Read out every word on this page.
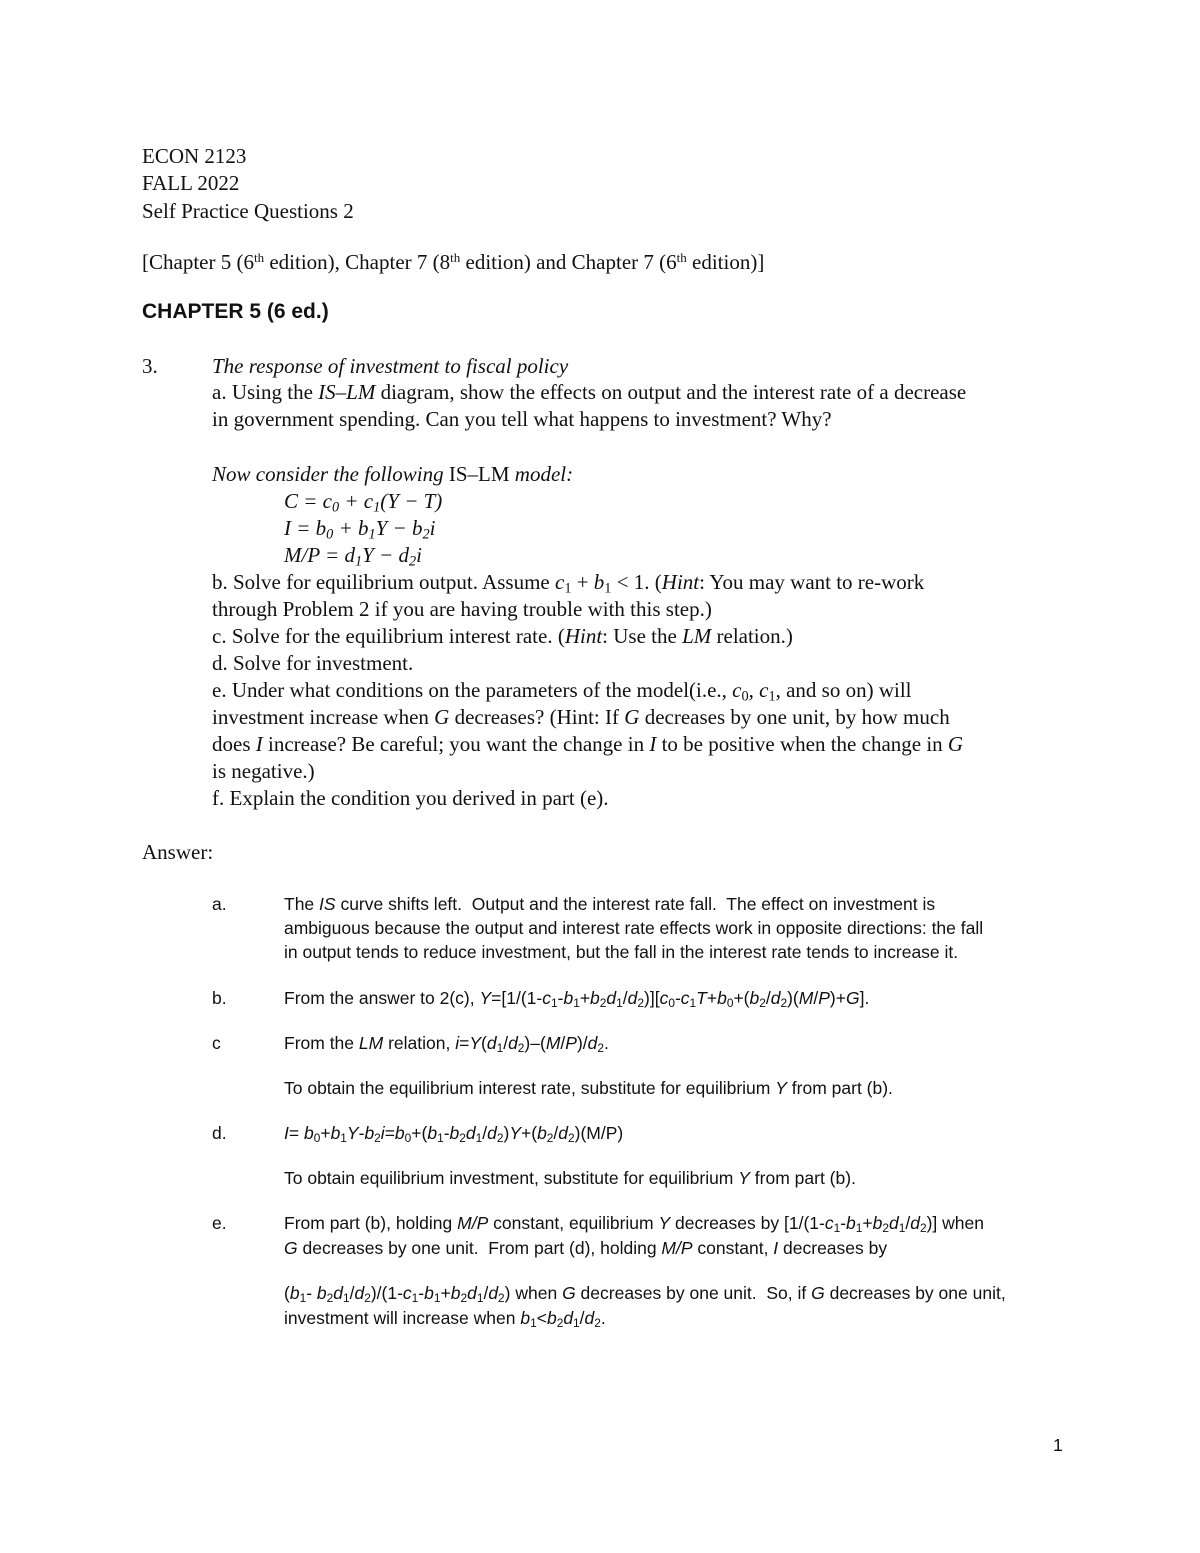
ECON 2123
FALL 2022
Self Practice Questions 2
[Chapter 5 (6th edition), Chapter 7 (8th edition) and Chapter 7 (6th edition)]
CHAPTER 5 (6 ed.)
3.	The response of investment to fiscal policy
a. Using the IS–LM diagram, show the effects on output and the interest rate of a decrease
in government spending. Can you tell what happens to investment? Why?
Now consider the following IS–LM model:
$C = c_0 + c_1(Y - T)$
$I = b_0 + b_1Y - b_2i$
$M/P = d_1Y - d_2i$
b. Solve for equilibrium output. Assume $c_1 + b_1 < 1$. (Hint: You may want to re-work
through Problem 2 if you are having trouble with this step.)
c. Solve for the equilibrium interest rate. (Hint: Use the LM relation.)
d. Solve for investment.
e. Under what conditions on the parameters of the model(i.e., $c_0$, $c_1$, and so on) will
investment increase when G decreases? (Hint: If G decreases by one unit, by how much
does I increase? Be careful; you want the change in I to be positive when the change in G
is negative.)
f. Explain the condition you derived in part (e).
Answer:
a.	The IS curve shifts left.  Output and the interest rate fall.  The effect on investment is
ambiguous because the output and interest rate effects work in opposite directions: the fall
in output tends to reduce investment, but the fall in the interest rate tends to increase it.
b.	From the answer to 2(c), $Y=[1/(1-c_1-b_1+b_2d_1/d_2)][c_0-c_1T+b_0+(b_2/d_2)(M/P)+G]$.
c	From the LM relation, $i=Y(d_1/d_2)-(M/P)/d_2$.
To obtain the equilibrium interest rate, substitute for equilibrium Y from part (b).
d.	$I= b_0+b_1Y-b_2i=b_0+(b_1-b_2d_1/d_2)Y+(b_2/d_2)(M/P)$
To obtain equilibrium investment, substitute for equilibrium Y from part (b).
e.	From part (b), holding M/P constant, equilibrium Y decreases by $[1/(1-c_1-b_1+b_2d_1/d_2)]$ when
G decreases by one unit.  From part (d), holding M/P constant, I decreases by
($b_1-$ $b_2d_1/d_2)/(1-c_1-b_1+b_2d_1/d_2)$ when G decreases by one unit.  So, if G decreases by one unit,
investment will increase when $b_1<b_2d_1/d_2$.
1
